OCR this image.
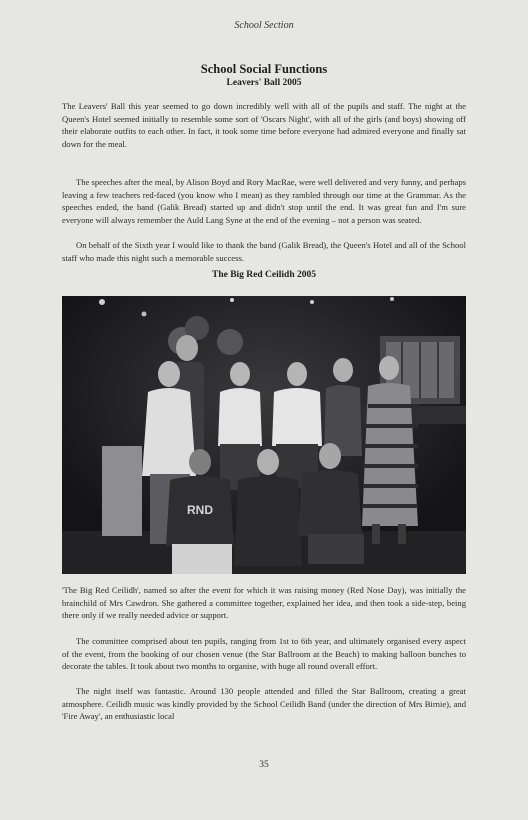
School Section
School Social Functions
Leavers' Ball 2005

The Leavers' Ball this year seemed to go down incredibly well with all of the pupils and staff. The night at the Queen's Hotel seemed initially to resemble some sort of 'Oscars Night', with all of the girls (and boys) showing off their elaborate outfits to each other. In fact, it took some time before everyone had admired everyone and finally sat down for the meal.

The speeches after the meal, by Alison Boyd and Rory MacRae, were well delivered and very funny, and perhaps leaving a few teachers red-faced (you know who I mean) as they rambled through our time at the Grammar. As the speeches ended, the band (Galik Bread) started up and didn't stop until the end. It was great fun and I'm sure everyone will always remember the Auld Lang Syne at the end of the evening – not a person was seated.

On behalf of the Sixth year I would like to thank the band (Galik Bread), the Queen's Hotel and all of the School staff who made this night such a memorable success.

The Big Red Ceilidh 2005
RND

'The Big Red Ceilidh', named so after the event for which it was raising money (Red Nose Day), was initially the brainchild of Mrs Cawdron. She gathered a committee together, explained her idea, and then took a side-step, being there only if we really needed advice or support.

The committee comprised about ten pupils, ranging from 1st to 6th year, and ultimately organised every aspect of the event, from the booking of our chosen venue (the Star Ballroom at the Beach) to making balloon bunches to decorate the tables. It took about two months to organise, with huge all round overall effort.

The night itself was fantastic. Around 130 people attended and filled the Star Ballroom, creating a great atmosphere. Ceilidh music was kindly provided by the School Ceilidh Band (under the direction of Mrs Birnie), and 'Fire Away', an enthusiastic local

35
